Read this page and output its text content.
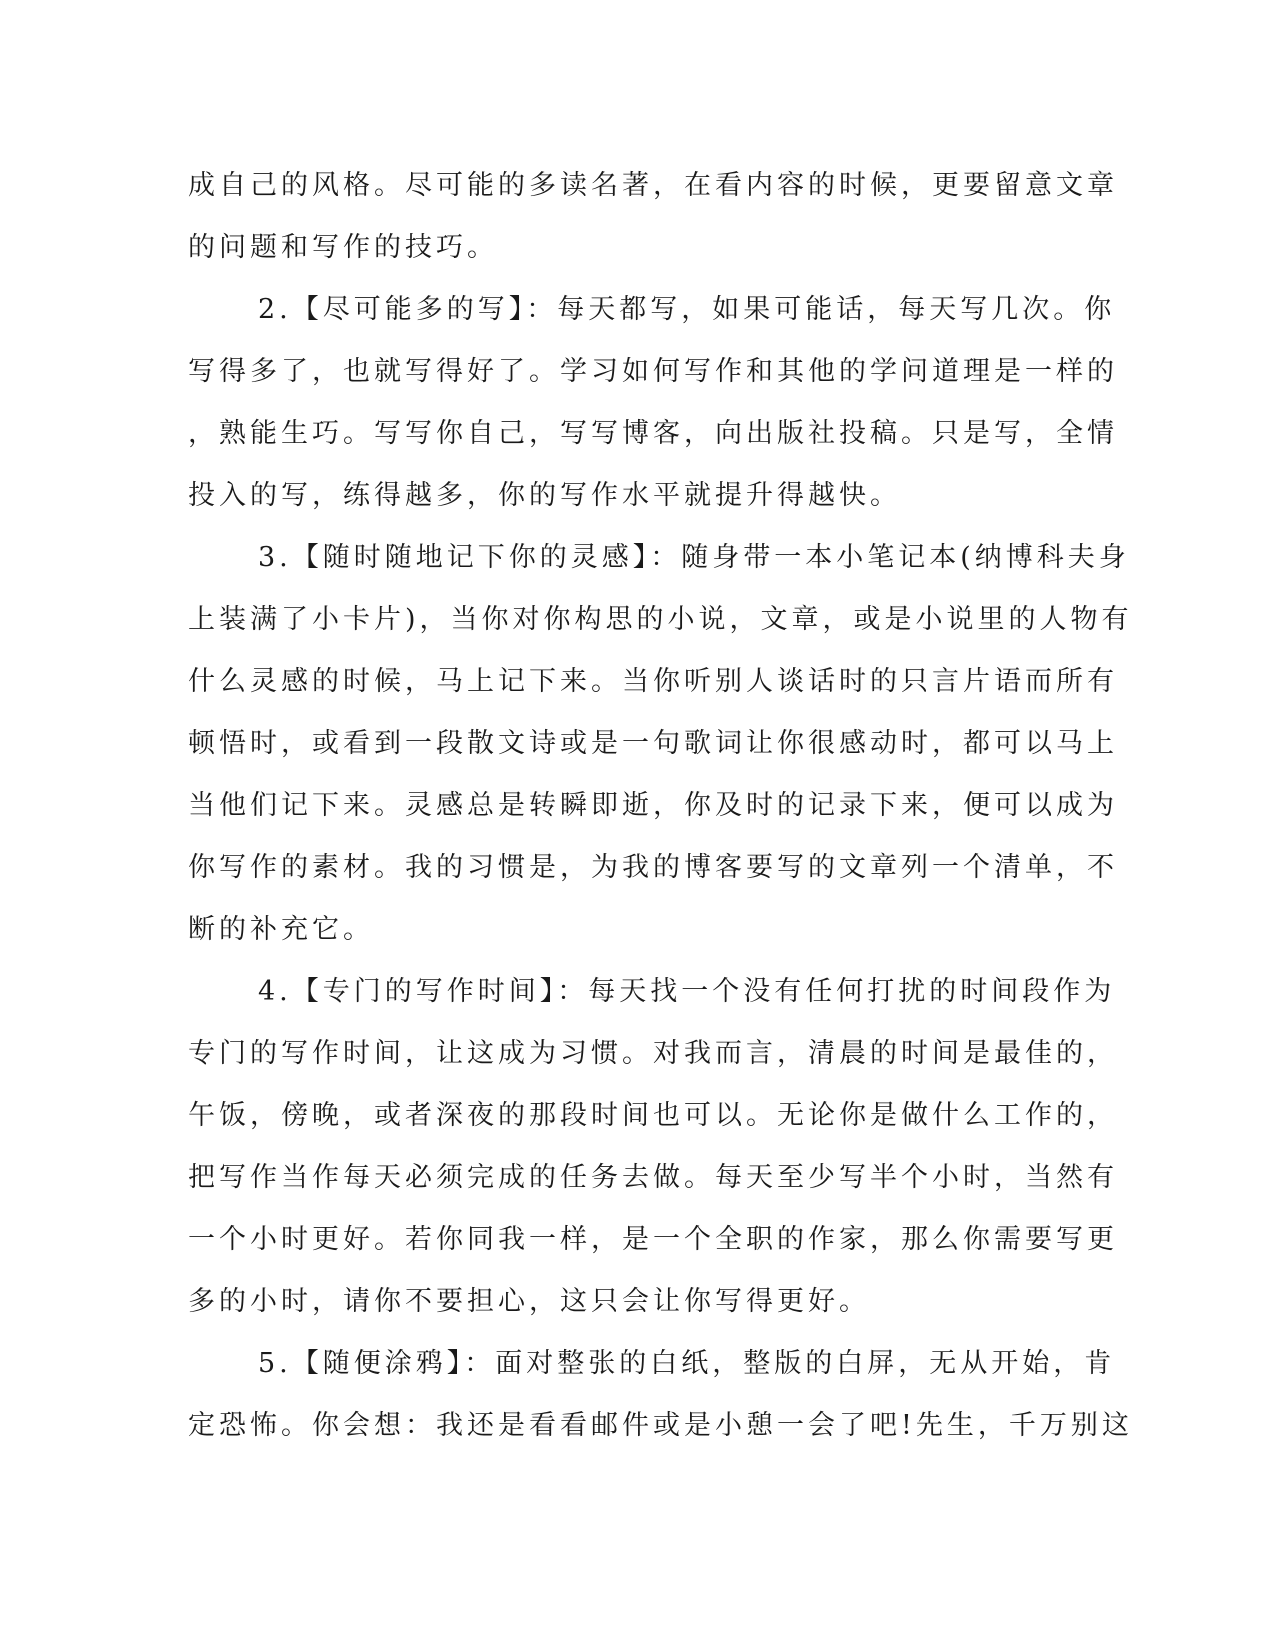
成自己的风格。尽可能的多读名著，在看内容的时候，更要留意文章
的问题和写作的技巧。
2.【尽可能多的写】：每天都写，如果可能话，每天写几次。你
写得多了，也就写得好了。学习如何写作和其他的学问道理是一样的
，熟能生巧。写写你自己，写写博客，向出版社投稿。只是写，全情
投入的写，练得越多，你的写作水平就提升得越快。
3.【随时随地记下你的灵感】：随身带一本小笔记本(纳博科夫身
上装满了小卡片)，当你对你构思的小说，文章，或是小说里的人物有
什么灵感的时候，马上记下来。当你听别人谈话时的只言片语而所有
顿悟时，或看到一段散文诗或是一句歌词让你很感动时，都可以马上
当他们记下来。灵感总是转瞬即逝，你及时的记录下来，便可以成为
你写作的素材。我的习惯是，为我的博客要写的文章列一个清单，不
断的补充它。
4.【专门的写作时间】：每天找一个没有任何打扰的时间段作为
专门的写作时间，让这成为习惯。对我而言，清晨的时间是最佳的，
午饭，傍晚，或者深夜的那段时间也可以。无论你是做什么工作的，
把写作当作每天必须完成的任务去做。每天至少写半个小时，当然有
一个小时更好。若你同我一样，是一个全职的作家，那么你需要写更
多的小时，请你不要担心，这只会让你写得更好。
5.【随便涂鸦】：面对整张的白纸，整版的白屏，无从开始，肯
定恐怖。你会想：我还是看看邮件或是小憩一会了吧!先生，千万别这
